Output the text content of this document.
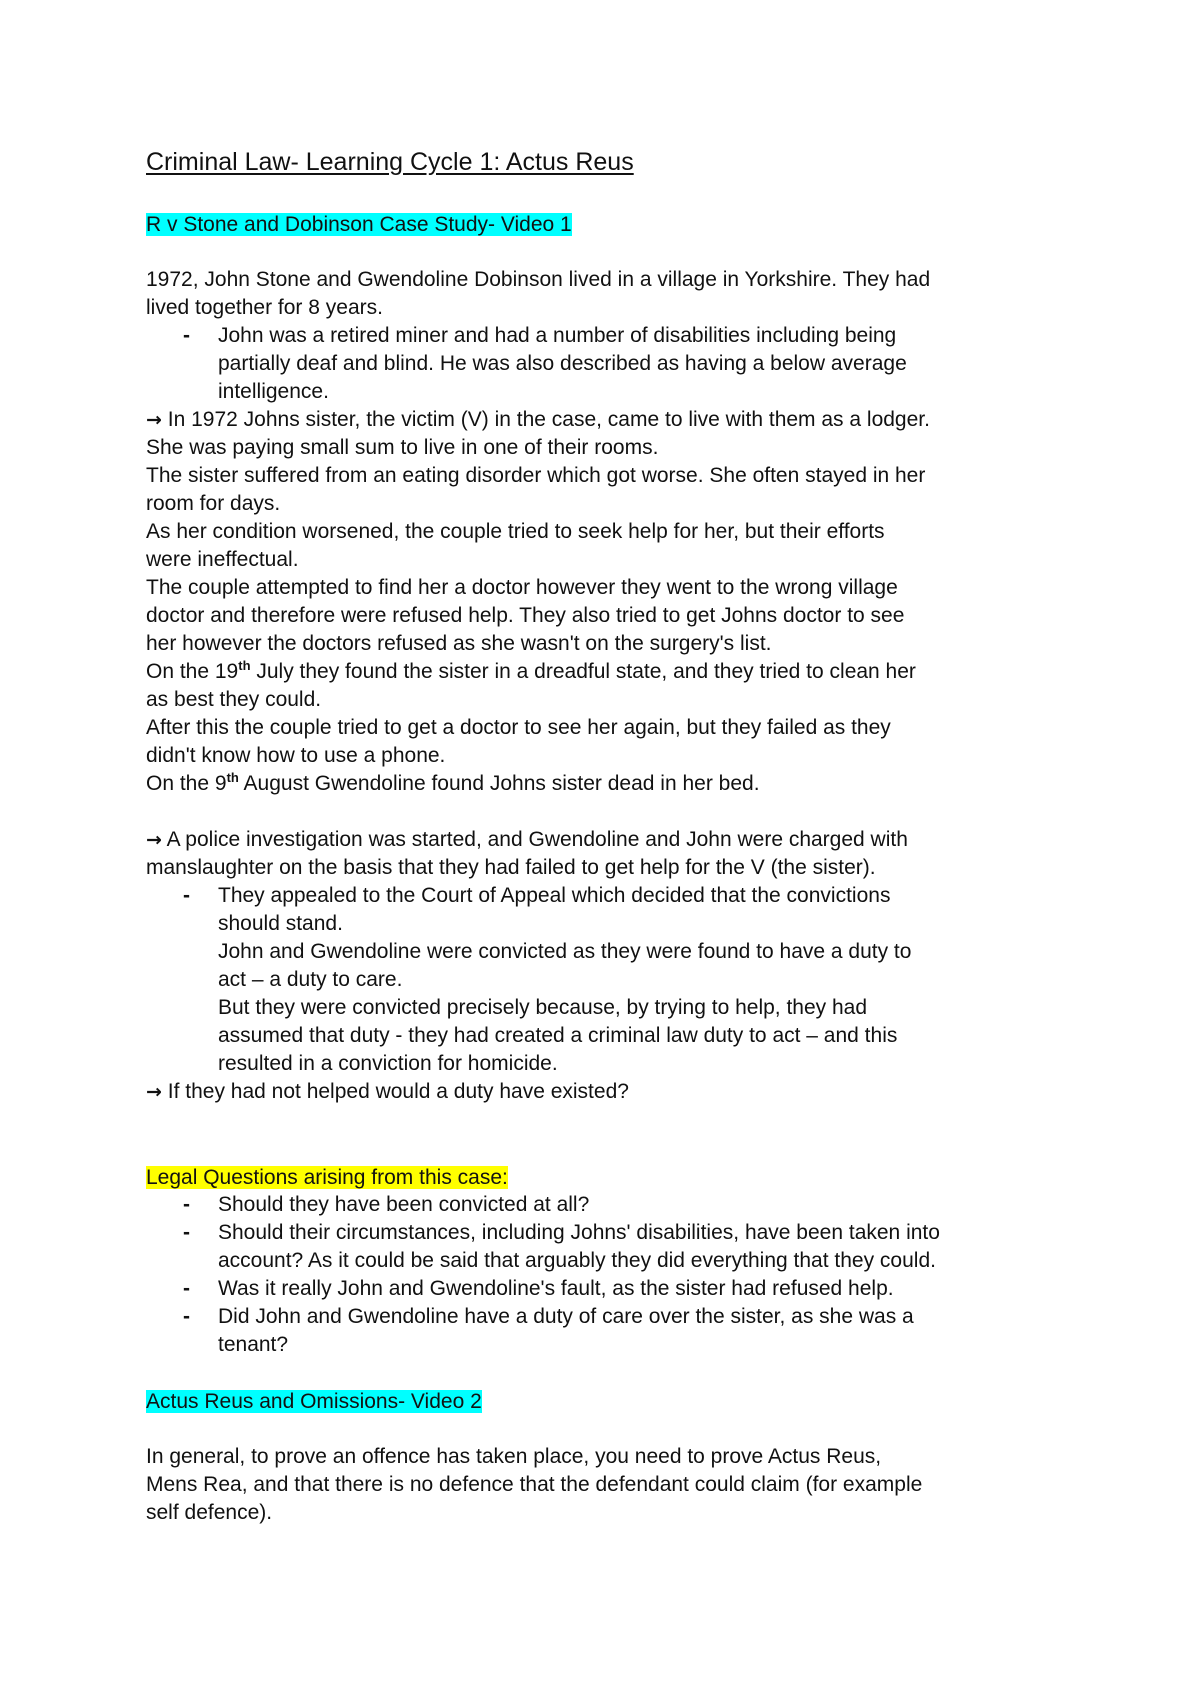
Criminal Law- Learning Cycle 1: Actus Reus
R v Stone and Dobinson Case Study- Video 1
1972, John Stone and Gwendoline Dobinson lived in a village in Yorkshire. They had
lived together for 8 years.
-	John was a retired miner and had a number of disabilities including being
partially deaf and blind. He was also described as having a below average
intelligence.
→ In 1972 Johns sister, the victim (V) in the case, came to live with them as a lodger.
She was paying small sum to live in one of their rooms.
The sister suffered from an eating disorder which got worse. She often stayed in her
room for days.
As her condition worsened, the couple tried to seek help for her, but their efforts
were ineffectual.
The couple attempted to find her a doctor however they went to the wrong village
doctor and therefore were refused help. They also tried to get Johns doctor to see
her however the doctors refused as she wasn't on the surgery's list.
On the 19th July they found the sister in a dreadful state, and they tried to clean her
as best they could.
After this the couple tried to get a doctor to see her again, but they failed as they
didn't know how to use a phone.
On the 9th August Gwendoline found Johns sister dead in her bed.
→ A police investigation was started, and Gwendoline and John were charged with
manslaughter on the basis that they had failed to get help for the V (the sister).
-	They appealed to the Court of Appeal which decided that the convictions
should stand.
John and Gwendoline were convicted as they were found to have a duty to
act – a duty to care.
But they were convicted precisely because, by trying to help, they had
assumed that duty - they had created a criminal law duty to act – and this
resulted in a conviction for homicide.
→ If they had not helped would a duty have existed?
Legal Questions arising from this case:
-	Should they have been convicted at all?
-	Should their circumstances, including Johns' disabilities, have been taken into
account? As it could be said that arguably they did everything that they could.
-	Was it really John and Gwendoline's fault, as the sister had refused help.
-	Did John and Gwendoline have a duty of care over the sister, as she was a
tenant?
Actus Reus and Omissions- Video 2
In general, to prove an offence has taken place, you need to prove Actus Reus,
Mens Rea, and that there is no defence that the defendant could claim (for example
self defence).
